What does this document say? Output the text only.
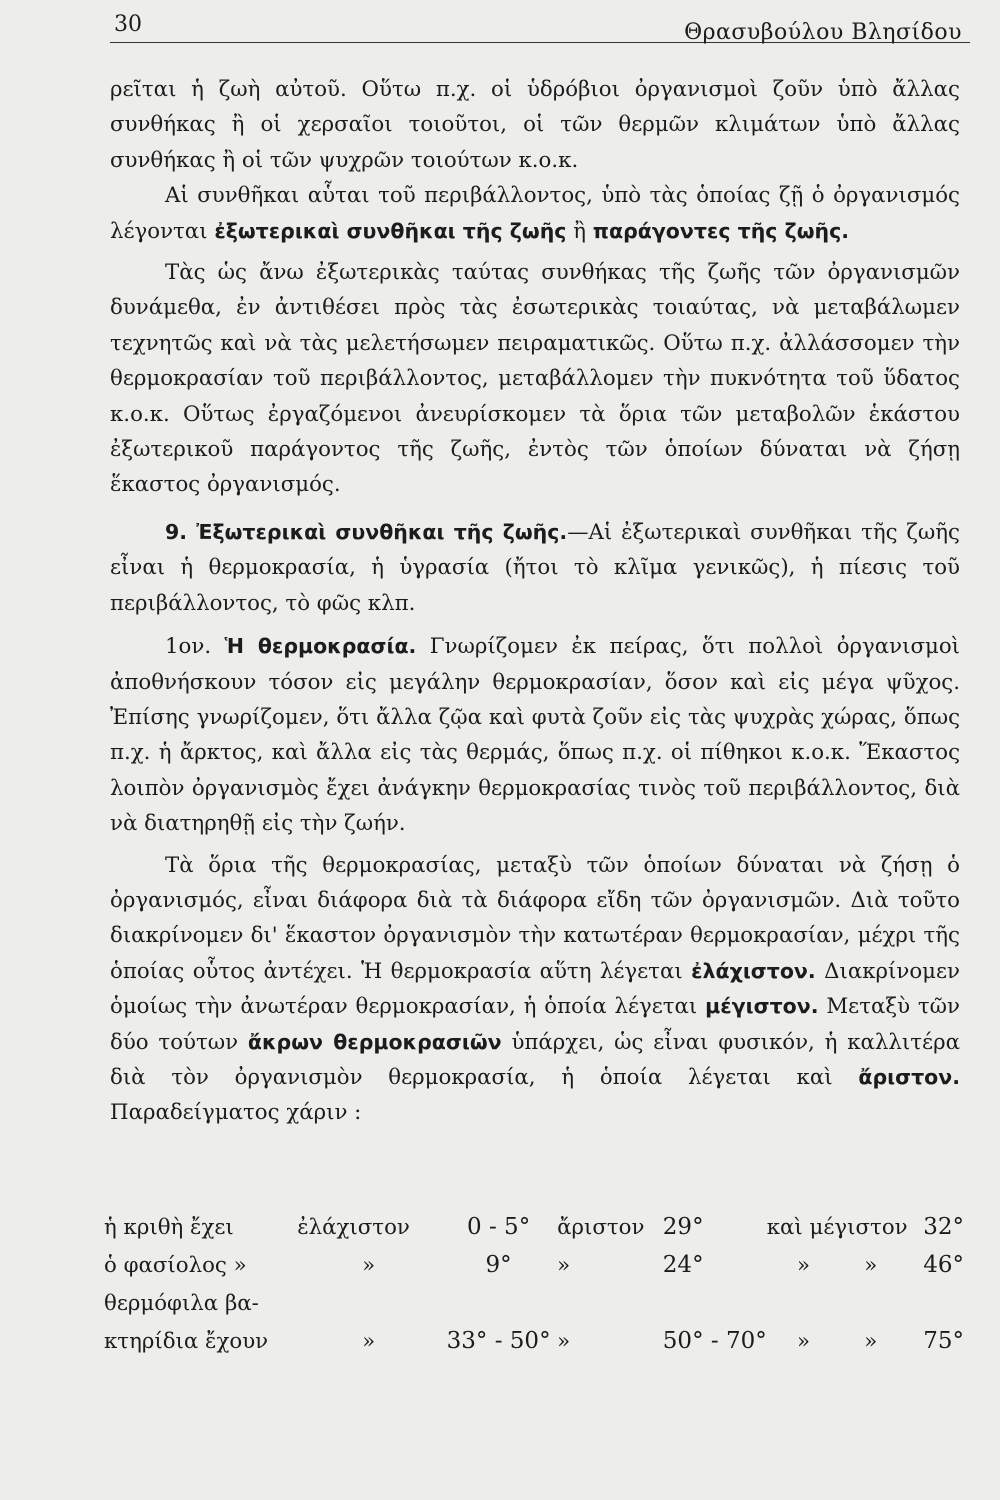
30	Θρασυβούλου Βλησίδου

ρεῖται ἡ ζωὴ αὐτοῦ. Οὕτω π.χ. οἱ ὑδρόβιοι ὀργανισμοὶ ζοῦν ὑπὸ ἄλλας συνθήκας ἢ οἱ χερσαῖοι τοιοῦτοι, οἱ τῶν θερμῶν κλιμάτων ὑπὸ ἄλλας συνθήκας ἢ οἱ τῶν ψυχρῶν τοιούτων κ.ο.κ.

Αἱ συνθῆκαι αὗται τοῦ περιβάλλοντος, ὑπὸ τὰς ὁποίας ζῇ ὁ ὀργανισμός λέγονται ἐξωτερικαὶ συνθῆκαι τῆς ζωῆς ἢ παράγοντες τῆς ζωῆς.

Τὰς ὡς ἄνω ἐξωτερικὰς ταύτας συνθήκας τῆς ζωῆς τῶν ὀργανισμῶν δυνάμεθα, ἐν ἀντιθέσει πρὸς τὰς ἐσωτερικὰς τοιαύτας, νὰ μεταβάλωμεν τεχνητῶς καὶ νὰ τὰς μελετήσωμεν πειραματικῶς. Οὕτω π.χ. ἀλλάσσομεν τὴν θερμοκρασίαν τοῦ περιβάλλοντος, μεταβάλλομεν τὴν πυκνότητα τοῦ ὕδατος κ.ο.κ. Οὕτως ἐργαζόμενοι ἀνευρίσκομεν τὰ ὅρια τῶν μεταβολῶν ἑκάστου ἐξωτερικοῦ παράγοντος τῆς ζωῆς, ἐντὸς τῶν ὁποίων δύναται νὰ ζήσῃ ἕκαστος ὀργανισμός.

9. Ἐξωτερικαὶ συνθῆκαι τῆς ζωῆς.—Αἱ ἐξωτερικαὶ συνθῆκαι τῆς ζωῆς εἶναι ἡ θερμοκρασία, ἡ ὑγρασία (ἤτοι τὸ κλῖμα γενικῶς), ἡ πίεσις τοῦ περιβάλλοντος, τὸ φῶς κλπ.

1ον. Ἡ θερμοκρασία. Γνωρίζομεν ἐκ πείρας, ὅτι πολλοὶ ὀργανισμοὶ ἀποθνήσκουν τόσον εἰς μεγάλην θερμοκρασίαν, ὅσον καὶ εἰς μέγα ψῦχος. Ἐπίσης γνωρίζομεν, ὅτι ἄλλα ζῷα καὶ φυτὰ ζοῦν εἰς τὰς ψυχρὰς χώρας, ὅπως π.χ. ἡ ἄρκτος, καὶ ἄλλα εἰς τὰς θερμάς, ὅπως π.χ. οἱ πίθηκοι κ.ο.κ. Ἕκαστος λοιπὸν ὀργανισμὸς ἔχει ἀνάγκην θερμοκρασίας τινὸς τοῦ περιβάλλοντος, διὰ νὰ διατηρηθῇ εἰς τὴν ζωήν.

Τὰ ὅρια τῆς θερμοκρασίας, μεταξὺ τῶν ὁποίων δύναται νὰ ζήσῃ ὁ ὀργανισμός, εἶναι διάφορα διὰ τὰ διάφορα εἴδη τῶν ὀργανισμῶν. Διὰ τοῦτο διακρίνομεν δι' ἕκαστον ὀργανισμὸν τὴν κατωτέραν θερμοκρασίαν, μέχρι τῆς ὁποίας οὗτος ἀντέχει. Ἡ θερμοκρασία αὕτη λέγεται ἐλάχιστον. Διακρίνομεν ὁμοίως τὴν ἀνωτέραν θερμοκρασίαν, ἡ ὁποία λέγεται μέγιστον. Μεταξὺ τῶν δύο τούτων ἄκρων θερμοκρασιῶν ὑπάρχει, ὡς εἶναι φυσικόν, ἡ καλλιτέρα διὰ τὸν ὀργανισμὸν θερμοκρασία, ἡ ὁποία λέγεται καὶ ἄριστον. Παραδείγματος χάριν :

ἡ κριθὴ ἔχει	ἐλάχιστον	0 - 5°	ἄριστον	29°	καὶ μέγιστον	32°
ὁ φασίολος »	»	9°	»	24°	» »	46°
θερμόφιλα βα-						
κτηρίδια ἔχουν	»	33° - 50°	»	50° - 70°	» »	75°
